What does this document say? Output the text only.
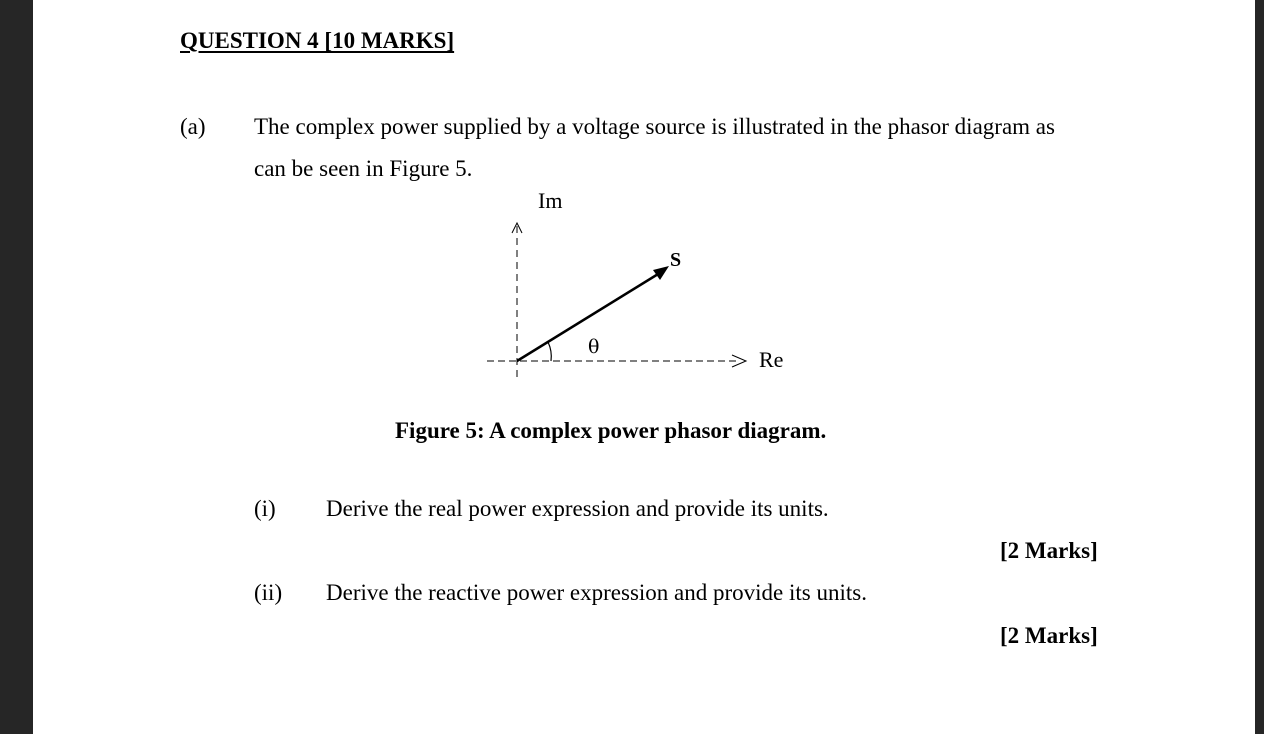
QUESTION 4 [10 MARKS]
(a) The complex power supplied by a voltage source is illustrated in the phasor diagram as
can be seen in Figure 5.
Im
S
θ	Re
Figure 5: A complex power phasor diagram.
(i) Derive the real power expression and provide its units.
[2 Marks]
(ii) Derive the reactive power expression and provide its units.
[2 Marks]
